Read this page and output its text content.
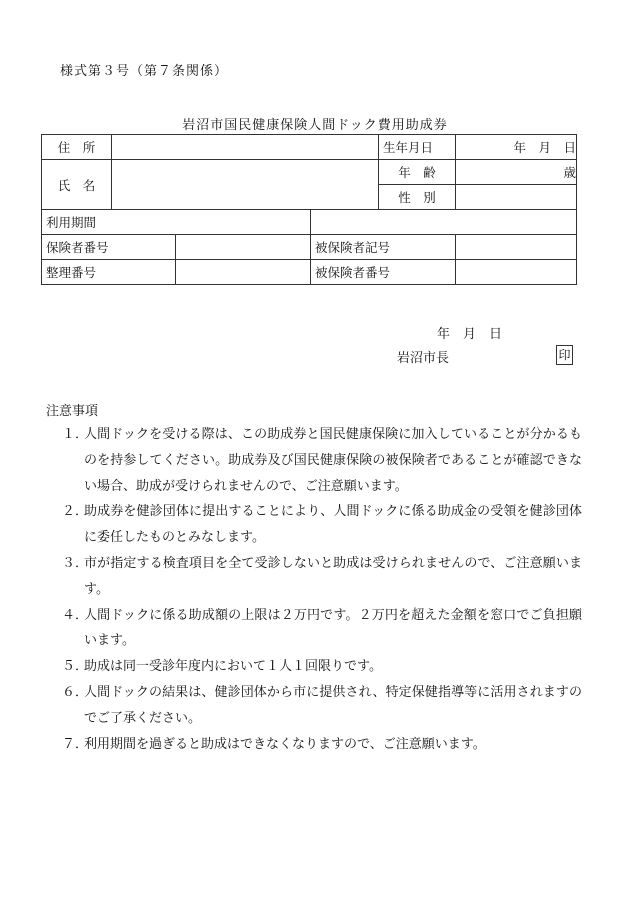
様式第３号（第７条関係）
岩沼市国民健康保険人間ドック費用助成券
住　所				生年月日	年　月　日
氏　名				年　齢	歳
				性　別	
利用期間					
保険者番号			被保険者記号		
整理番号			被保険者番号		
年　月　日
岩沼市長	印
注意事項
１．
人間ドックを受ける際は、この助成券と国民健康保険に加入していることが分かるものを持参してください。助成券及び国民健康保険の被保険者であることが確認できない場合、助成が受けられませんので、ご注意願います。
２．
助成券を健診団体に提出することにより、人間ドックに係る助成金の受領を健診団体に委任したものとみなします。
３．
市が指定する検査項目を全て受診しないと助成は受けられませんので、ご注意願います。
４．
人間ドックに係る助成額の上限は２万円です。２万円を超えた金額を窓口でご負担願います。
５．
助成は同一受診年度内において１人１回限りです。
６．
人間ドックの結果は、健診団体から市に提供され、特定保健指導等に活用されますのでご了承ください。
７．
利用期間を過ぎると助成はできなくなりますので、ご注意願います。
